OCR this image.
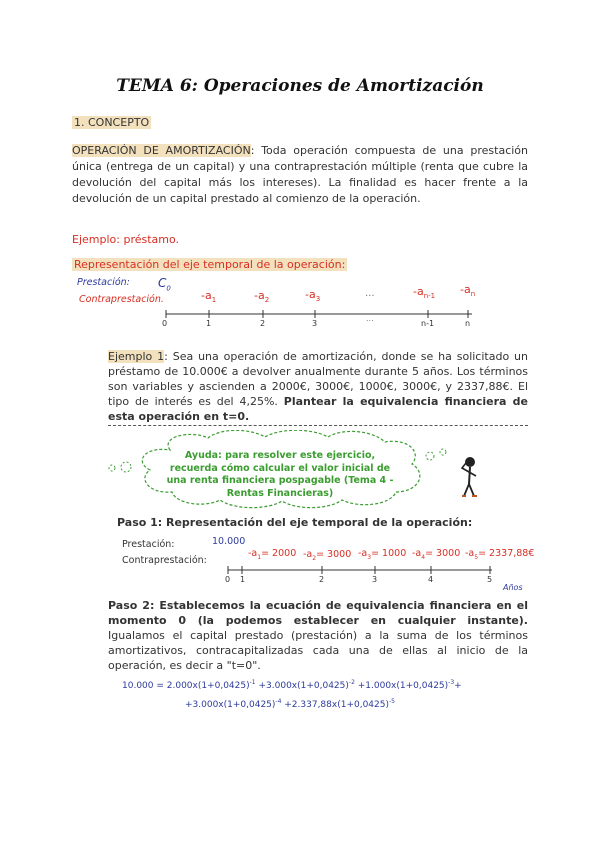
TEMA 6: Operaciones de Amortización
1. CONCEPTO
OPERACIÓN DE AMORTIZACIÓN: Toda operación compuesta de una prestación única (entrega de un capital) y una contraprestación múltiple (renta que cubre la devolución del capital más los intereses). La finalidad es hacer frente a la devolución de un capital prestado al comienzo de la operación.
Ejemplo: préstamo.
Representación del eje temporal de la operación:
Prestación:
Contraprestación.
$C_0$
$-a_1$	$-a_2$	$-a_3$
...	$-a_{n-1}$
$-a_n$
0	1	2	3
...
n-1	n
Ejemplo 1: Sea una operación de amortización, donde se ha solicitado un préstamo de 10.000€ a devolver anualmente durante 5 años. Los términos son variables y ascienden a 2000€, 3000€, 1000€, 3000€, y 2337,88€. El tipo de interés es del 4,25%. Plantear la equivalencia financiera de esta operación en t=0.
Ayuda: para resolver este ejercicio, recuerda cómo calcular el valor inicial de una renta financiera pospagable (Tema 4 -Rentas Financieras)
Paso 1: Representación del eje temporal de la operación:
Prestación:
Contraprestación:
10.000
$-a_1= 2000$ $-a_2= 3000$ $-a_3= 1000$ $-a_4= 3000$ $-a_5=$ 2337,88€
0 1	2	3	4	5
Años
Paso 2: Establecemos la ecuación de equivalencia financiera en el momento 0 (la podemos establecer en cualquier instante). Igualamos el capital prestado (prestación) a la suma de los términos amortizativos, contracapitalizadas cada una de ellas al inicio de la operación, es decir a "t=0".
$10.000 = 2.000x(1+0,0425)^{-1} +3.000x(1+0,0425)^{-2} +1.000x(1+0,0425)^{-3}+$
$+3.000x(1+0,0425)^{-4} +2.337,88x(1+0,0425)^{-5}$
